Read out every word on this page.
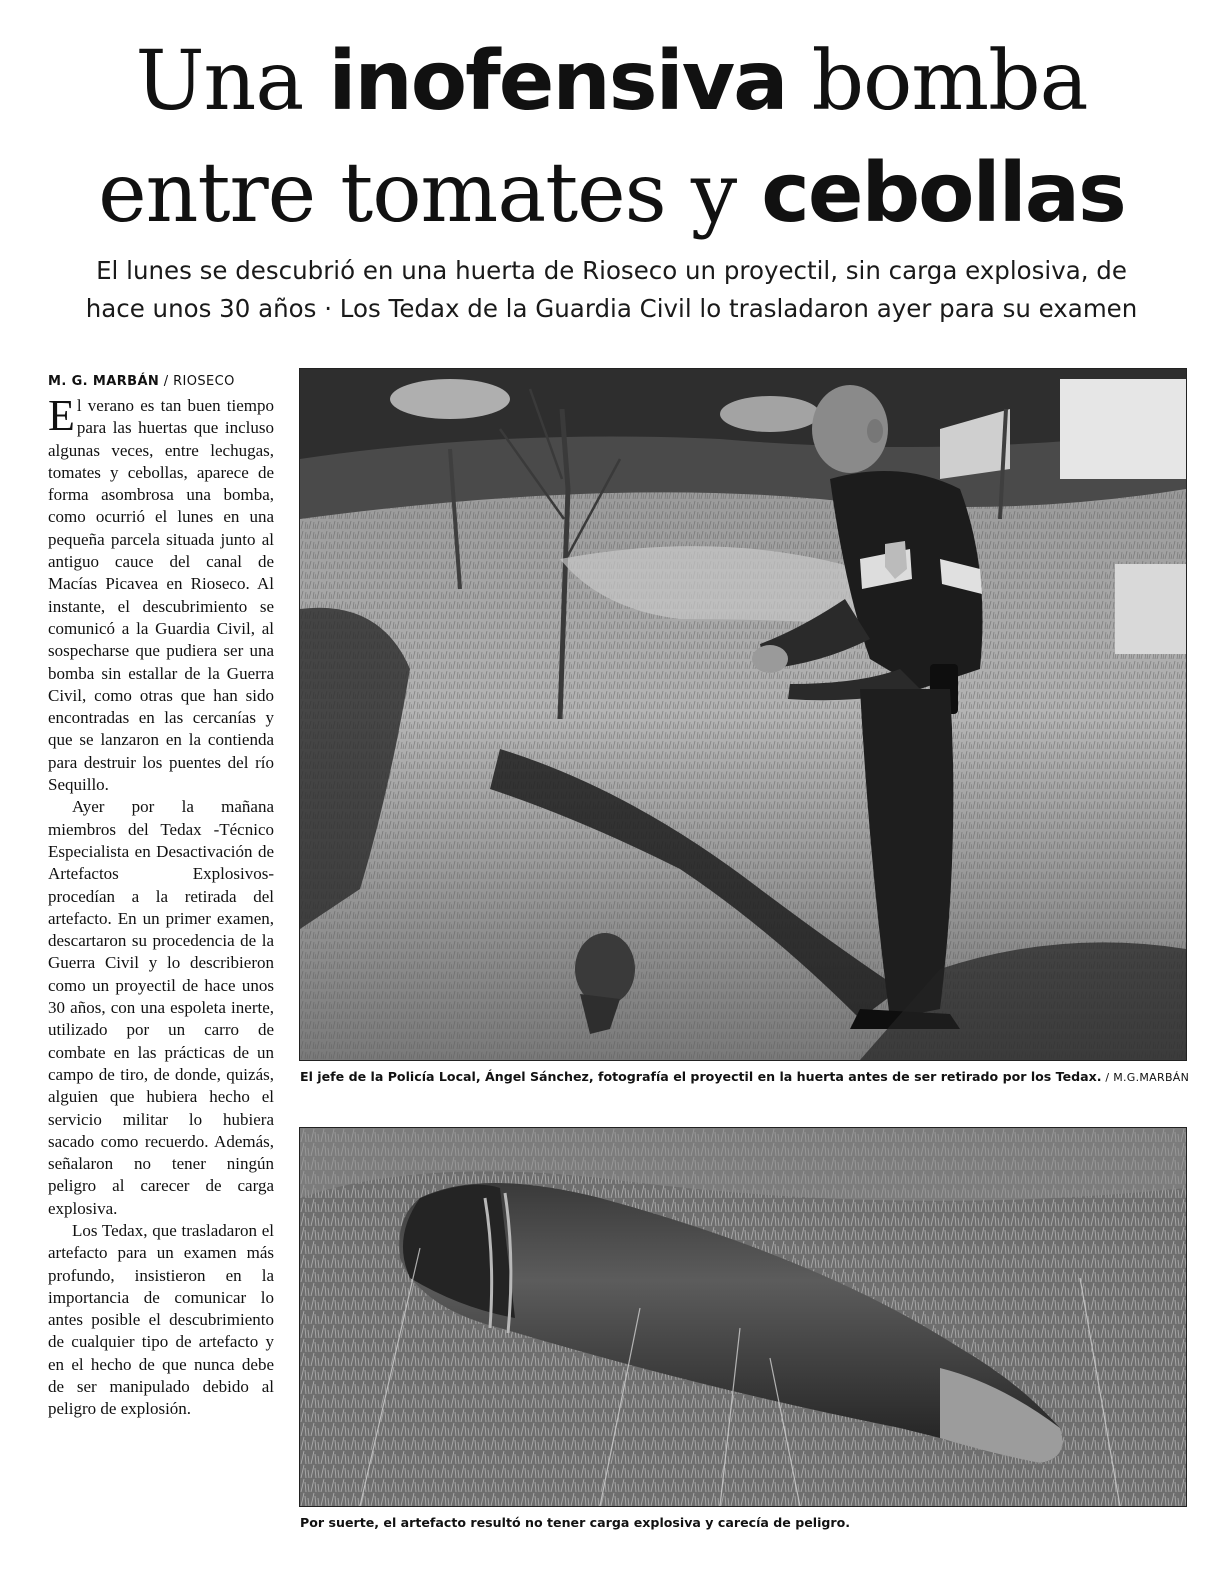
Una inofensiva bomba
entre tomates y cebollas
El lunes se descubrió en una huerta de Rioseco un proyectil, sin carga explosiva, de
hace unos 30 años · Los Tedax de la Guardia Civil lo trasladaron ayer para su examen
M. G. MARBÁN / RIOSECO

El verano es tan buen tiempo para las huertas que incluso algunas veces, entre lechugas, tomates y cebollas, aparece de forma asombrosa una bomba, como ocurrió el lunes en una pequeña parcela situada junto al antiguo cauce del canal de Macías Picavea en Rioseco. Al instante, el descubrimiento se comunicó a la Guardia Civil, al sospecharse que pudiera ser una bomba sin estallar de la Guerra Civil, como otras que han sido encontradas en las cercanías y que se lanzaron en la contienda para destruir los puentes del río Sequillo.

Ayer por la mañana miembros del Tedax -Técnico Especialista en Desactivación de Artefactos Explosivos- procedían a la retirada del artefacto. En un primer examen, descartaron su procedencia de la Guerra Civil y lo describieron como un proyectil de hace unos 30 años, con una espoleta inerte, utilizado por un carro de combate en las prácticas de un campo de tiro, de donde, quizás, alguien que hubiera hecho el servicio militar lo hubiera sacado como recuerdo. Además, señalaron no tener ningún peligro al carecer de carga explosiva.

Los Tedax, que trasladaron el artefacto para un examen más profundo, insistieron en la importancia de comunicar lo antes posible el descubrimiento de cualquier tipo de artefacto y en el hecho de que nunca debe de ser manipulado debido al peligro de explosión.

El jefe de la Policía Local, Ángel Sánchez, fotografía el proyectil en la huerta antes de ser retirado por los Tedax. / M.G.MARBÁN
Por suerte, el artefacto resultó no tener carga explosiva y carecía de peligro.
